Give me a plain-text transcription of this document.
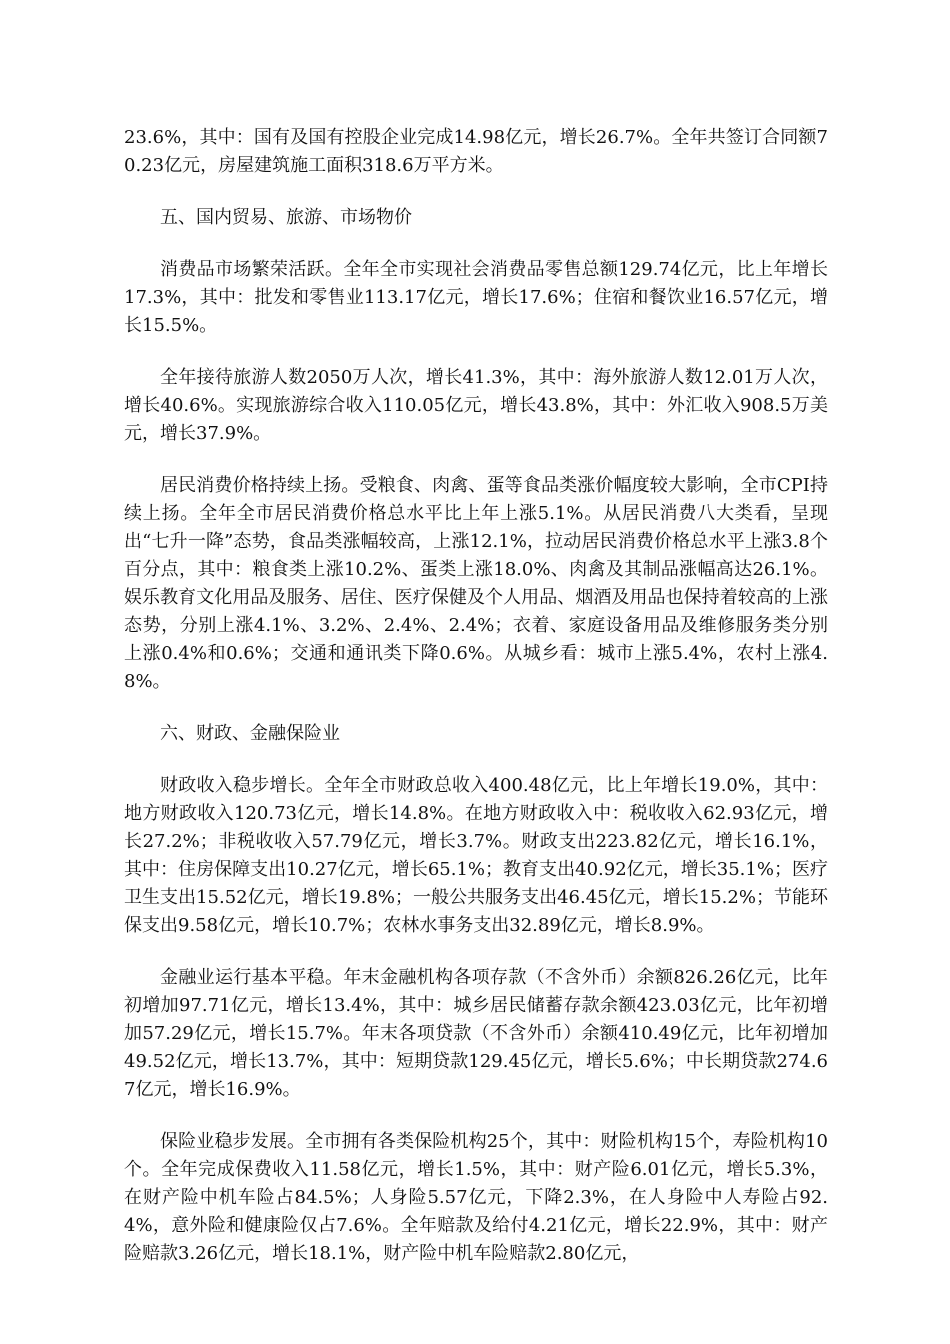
23.6%，其中：国有及国有控股企业完成14.98亿元，增长26.7%。全年共签订合同额70.23亿元，房屋建筑施工面积318.6万平方米。

五、国内贸易、旅游、市场物价

消费品市场繁荣活跃。全年全市实现社会消费品零售总额129.74亿元，比上年增长17.3%，其中：批发和零售业113.17亿元，增长17.6%；住宿和餐饮业16.57亿元，增长15.5%。

全年接待旅游人数2050万人次，增长41.3%，其中：海外旅游人数12.01万人次，增长40.6%。实现旅游综合收入110.05亿元，增长43.8%，其中：外汇收入908.5万美元，增长37.9%。

居民消费价格持续上扬。受粮食、肉禽、蛋等食品类涨价幅度较大影响，全市CPI持续上扬。全年全市居民消费价格总水平比上年上涨5.1%。从居民消费八大类看，呈现出“七升一降”态势，食品类涨幅较高，上涨12.1%，拉动居民消费价格总水平上涨3.8个百分点，其中：粮食类上涨10.2%、蛋类上涨18.0%、肉禽及其制品涨幅高达26.1%。娱乐教育文化用品及服务、居住、医疗保健及个人用品、烟酒及用品也保持着较高的上涨态势，分别上涨4.1%、3.2%、2.4%、2.4%；衣着、家庭设备用品及维修服务类分别上涨0.4%和0.6%；交通和通讯类下降0.6%。从城乡看：城市上涨5.4%，农村上涨4.8%。

六、财政、金融保险业

财政收入稳步增长。全年全市财政总收入400.48亿元，比上年增长19.0%，其中：地方财政收入120.73亿元，增长14.8%。在地方财政收入中：税收收入62.93亿元，增长27.2%；非税收收入57.79亿元，增长3.7%。财政支出223.82亿元，增长16.1%，其中：住房保障支出10.27亿元，增长65.1%；教育支出40.92亿元，增长35.1%；医疗卫生支出15.52亿元，增长19.8%；一般公共服务支出46.45亿元，增长15.2%；节能环保支出9.58亿元，增长10.7%；农林水事务支出32.89亿元，增长8.9%。

金融业运行基本平稳。年末金融机构各项存款（不含外币）余额826.26亿元，比年初增加97.71亿元，增长13.4%，其中：城乡居民储蓄存款余额423.03亿元，比年初增加57.29亿元，增长15.7%。年末各项贷款（不含外币）余额410.49亿元，比年初增加49.52亿元，增长13.7%，其中：短期贷款129.45亿元，增长5.6%；中长期贷款274.67亿元，增长16.9%。

保险业稳步发展。全市拥有各类保险机构25个，其中：财险机构15个，寿险机构10个。全年完成保费收入11.58亿元，增长1.5%，其中：财产险6.01亿元，增长5.3%，在财产险中机车险占84.5%；人身险5.57亿元，下降2.3%，在人身险中人寿险占92.4%，意外险和健康险仅占7.6%。全年赔款及给付4.21亿元，增长22.9%，其中：财产险赔款3.26亿元，增长18.1%，财产险中机车险赔款2.80亿元，
